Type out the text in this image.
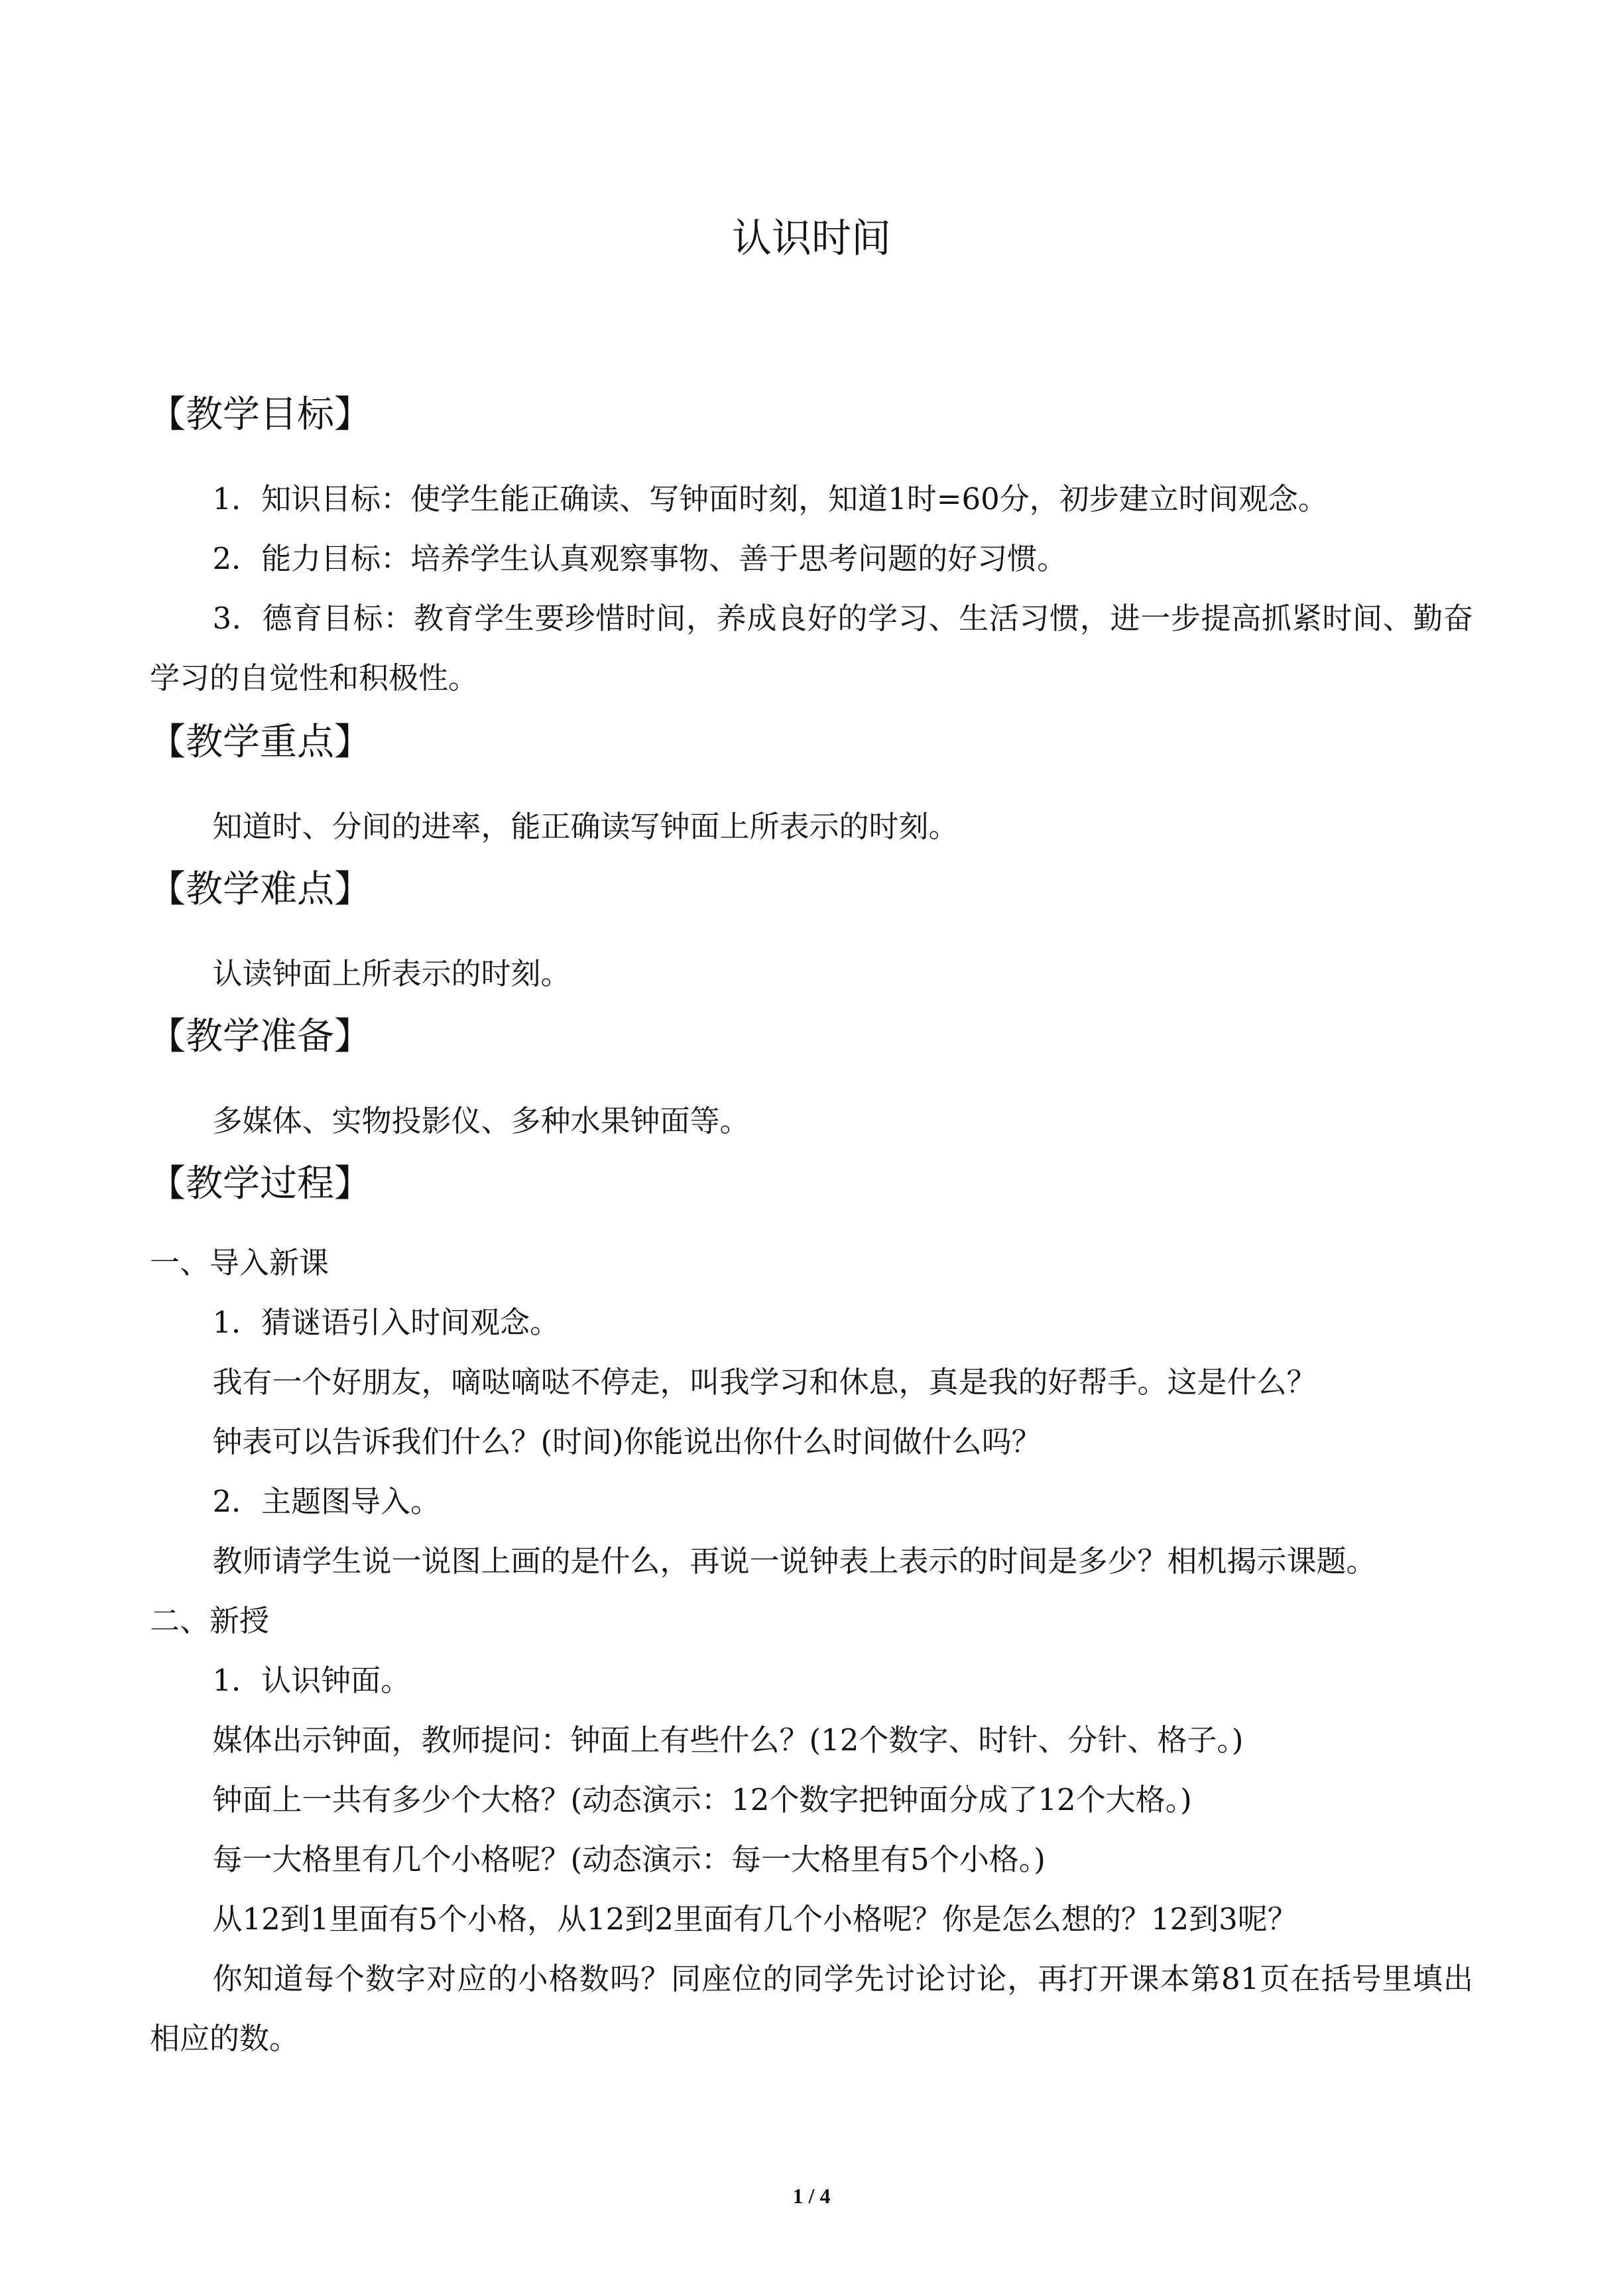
认识时间
【教学目标】

1．知识目标：使学生能正确读、写钟面时刻，知道1时=60分，初步建立时间观念。

2．能力目标：培养学生认真观察事物、善于思考问题的好习惯。

3．德育目标：教育学生要珍惜时间，养成良好的学习、生活习惯，进一步提高抓紧时间、勤奋学习的自觉性和积极性。

【教学重点】

知道时、分间的进率，能正确读写钟面上所表示的时刻。

【教学难点】

认读钟面上所表示的时刻。

【教学准备】

多媒体、实物投影仪、多种水果钟面等。

【教学过程】

一、导入新课

1．猜谜语引入时间观念。

我有一个好朋友，嘀哒嘀哒不停走，叫我学习和休息，真是我的好帮手。这是什么？

钟表可以告诉我们什么？(时间)你能说出你什么时间做什么吗？

2．主题图导入。

教师请学生说一说图上画的是什么，再说一说钟表上表示的时间是多少？相机揭示课题。

二、新授

1．认识钟面。

媒体出示钟面，教师提问：钟面上有些什么？(12个数字、时针、分针、格子。)

钟面上一共有多少个大格？(动态演示：12个数字把钟面分成了12个大格。)

每一大格里有几个小格呢？(动态演示：每一大格里有5个小格。)

从12到1里面有5个小格，从12到2里面有几个小格呢？你是怎么想的？12到3呢？

你知道每个数字对应的小格数吗？同座位的同学先讨论讨论，再打开课本第81页在括号里填出相应的数。

1 / 4
